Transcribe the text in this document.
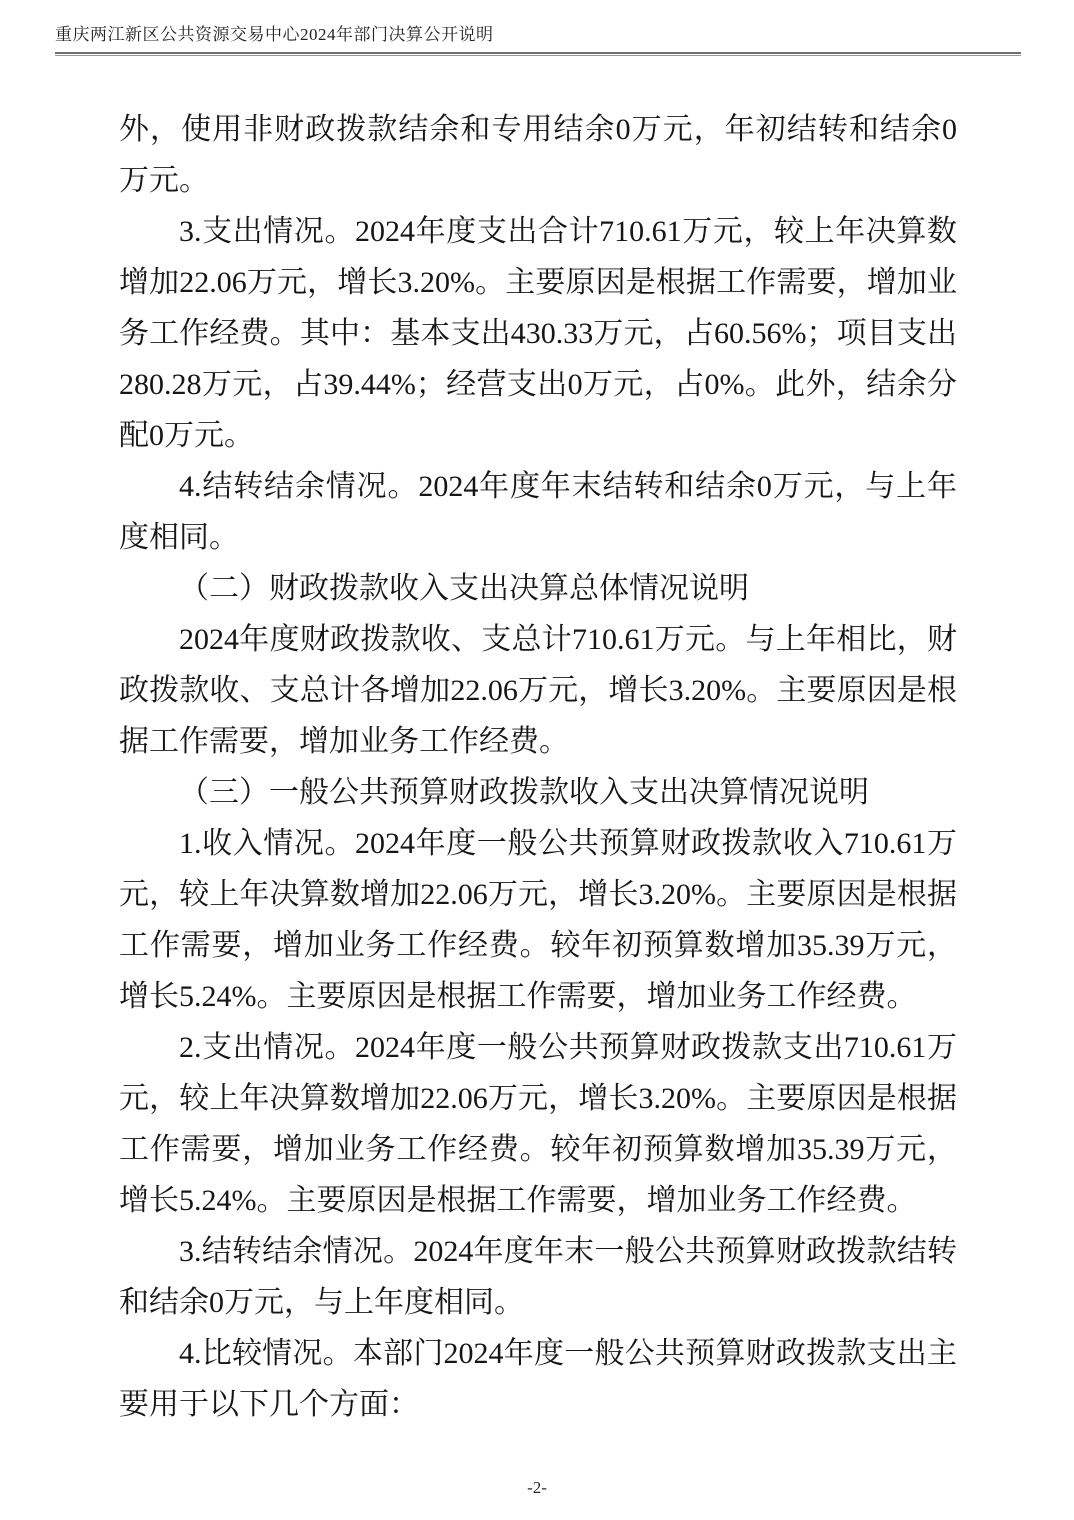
重庆两江新区公共资源交易中心2024年部门决算公开说明

外，使用非财政拨款结余和专用结余0万元，年初结转和结余0万元。

3.支出情况。2024年度支出合计710.61万元，较上年决算数增加22.06万元，增长3.20%。主要原因是根据工作需要，增加业务工作经费。其中：基本支出430.33万元，占60.56%；项目支出280.28万元，占39.44%；经营支出0万元，占0%。此外，结余分配0万元。

4.结转结余情况。2024年度年末结转和结余0万元，与上年度相同。

（二）财政拨款收入支出决算总体情况说明

2024年度财政拨款收、支总计710.61万元。与上年相比，财政拨款收、支总计各增加22.06万元，增长3.20%。主要原因是根据工作需要，增加业务工作经费。

（三）一般公共预算财政拨款收入支出决算情况说明

1.收入情况。2024年度一般公共预算财政拨款收入710.61万元，较上年决算数增加22.06万元，增长3.20%。主要原因是根据工作需要，增加业务工作经费。较年初预算数增加35.39万元，增长5.24%。主要原因是根据工作需要，增加业务工作经费。

2.支出情况。2024年度一般公共预算财政拨款支出710.61万元，较上年决算数增加22.06万元，增长3.20%。主要原因是根据工作需要，增加业务工作经费。较年初预算数增加35.39万元，增长5.24%。主要原因是根据工作需要，增加业务工作经费。

3.结转结余情况。2024年度年末一般公共预算财政拨款结转和结余0万元，与上年度相同。

4.比较情况。本部门2024年度一般公共预算财政拨款支出主要用于以下几个方面：

-2-
